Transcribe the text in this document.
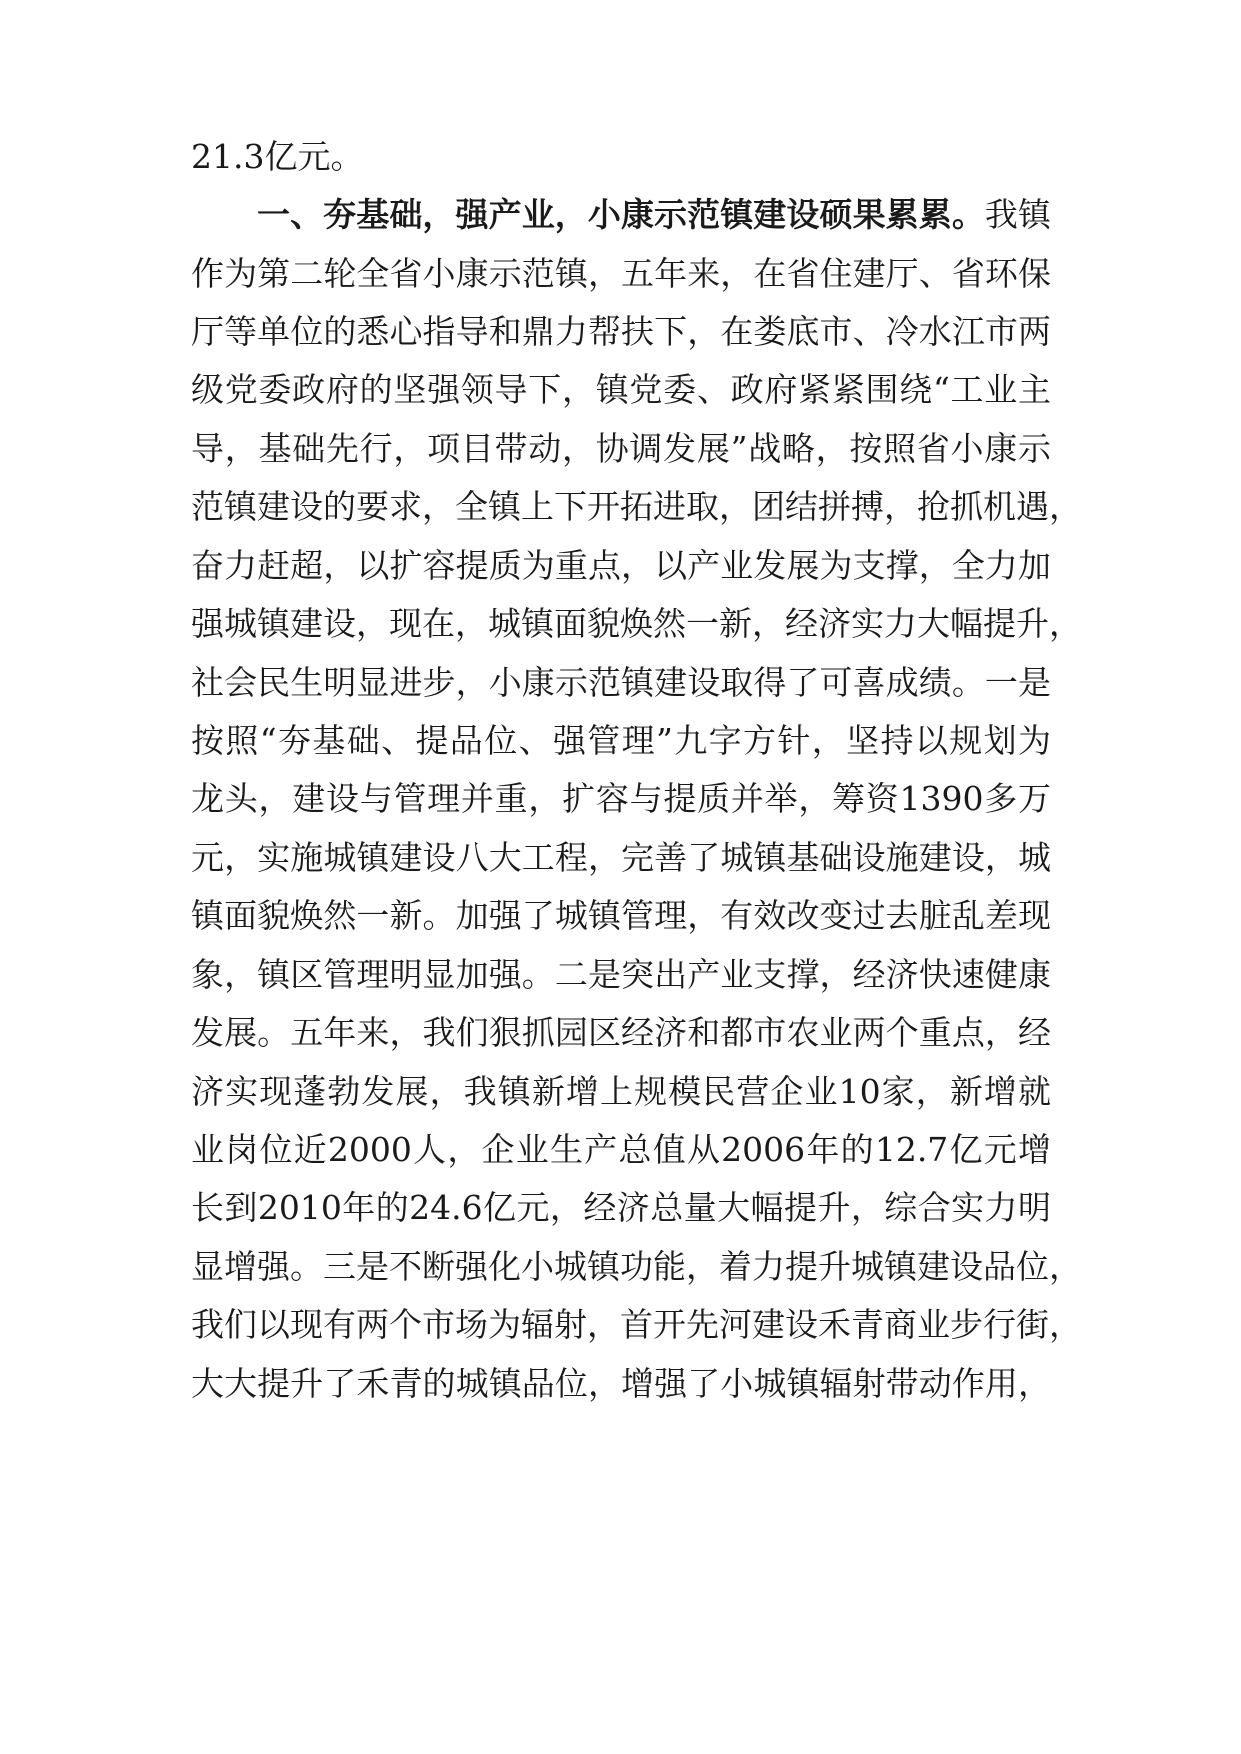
21.3亿元。
一、夯基础，强产业，小康示范镇建设硕果累累。我镇
作为第二轮全省小康示范镇，五年来，在省住建厅、省环保
厅等单位的悉心指导和鼎力帮扶下，在娄底市、冷水江市两
级党委政府的坚强领导下，镇党委、政府紧紧围绕“工业主
导，基础先行，项目带动，协调发展”战略，按照省小康示
范镇建设的要求，全镇上下开拓进取，团结拼搏，抢抓机遇，
奋力赶超，以扩容提质为重点，以产业发展为支撑，全力加
强城镇建设，现在，城镇面貌焕然一新，经济实力大幅提升，
社会民生明显进步，小康示范镇建设取得了可喜成绩。一是
按照“夯基础、提品位、强管理”九字方针，坚持以规划为
龙头，建设与管理并重，扩容与提质并举，筹资1390多万
元，实施城镇建设八大工程，完善了城镇基础设施建设，城
镇面貌焕然一新。加强了城镇管理，有效改变过去脏乱差现
象，镇区管理明显加强。二是突出产业支撑，经济快速健康
发展。五年来，我们狠抓园区经济和都市农业两个重点，经
济实现蓬勃发展，我镇新增上规模民营企业10家，新增就
业岗位近2000人，企业生产总值从2006年的12.7亿元增
长到2010年的24.6亿元，经济总量大幅提升，综合实力明
显增强。三是不断强化小城镇功能，着力提升城镇建设品位，
我们以现有两个市场为辐射，首开先河建设禾青商业步行街，
大大提升了禾青的城镇品位，增强了小城镇辐射带动作用，
